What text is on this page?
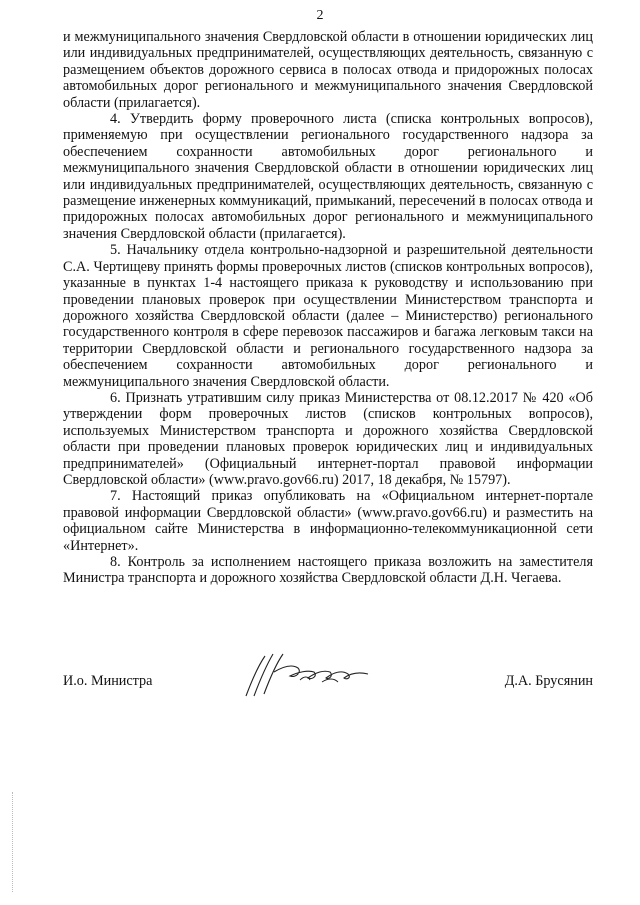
2

и межмуниципального значения Свердловской области в отношении юридических лиц или индивидуальных предпринимателей, осуществляющих деятельность, связанную с размещением объектов дорожного сервиса в полосах отвода и придорожных полосах автомобильных дорог регионального и межмуниципального значения Свердловской области (прилагается).

4. Утвердить форму проверочного листа (списка контрольных вопросов), применяемую при осуществлении регионального государственного надзора за обеспечением сохранности автомобильных дорог регионального и межмуниципального значения Свердловской области в отношении юридических лиц или индивидуальных предпринимателей, осуществляющих деятельность, связанную с размещение инженерных коммуникаций, примыканий, пересечений в полосах отвода и придорожных полосах автомобильных дорог регионального и межмуниципального значения Свердловской области (прилагается).

5. Начальнику отдела контрольно-надзорной и разрешительной деятельности С.А. Чертищеву принять формы проверочных листов (списков контрольных вопросов), указанные в пунктах 1-4 настоящего приказа к руководству и использованию при проведении плановых проверок при осуществлении Министерством транспорта и дорожного хозяйства Свердловской области (далее – Министерство) регионального государственного контроля в сфере перевозок пассажиров и багажа легковым такси на территории Свердловской области и регионального государственного надзора за обеспечением сохранности автомобильных дорог регионального и межмуниципального значения Свердловской области.

6. Признать утратившим силу приказ Министерства от 08.12.2017 № 420 «Об утверждении форм проверочных листов (списков контрольных вопросов), используемых Министерством транспорта и дорожного хозяйства Свердловской области при проведении плановых проверок юридических лиц и индивидуальных предпринимателей» (Официальный интернет-портал правовой информации Свердловской области» (www.pravo.gov66.ru) 2017, 18 декабря, № 15797).

7. Настоящий приказ опубликовать на «Официальном интернет-портале правовой информации Свердловской области» (www.pravo.gov66.ru) и разместить на официальном сайте Министерства в информационно-телекоммуникационной сети «Интернет».

8. Контроль за исполнением настоящего приказа возложить на заместителя Министра транспорта и дорожного хозяйства Свердловской области Д.Н. Чегаева.

И.о. Министра	Д.А. Брусянин
